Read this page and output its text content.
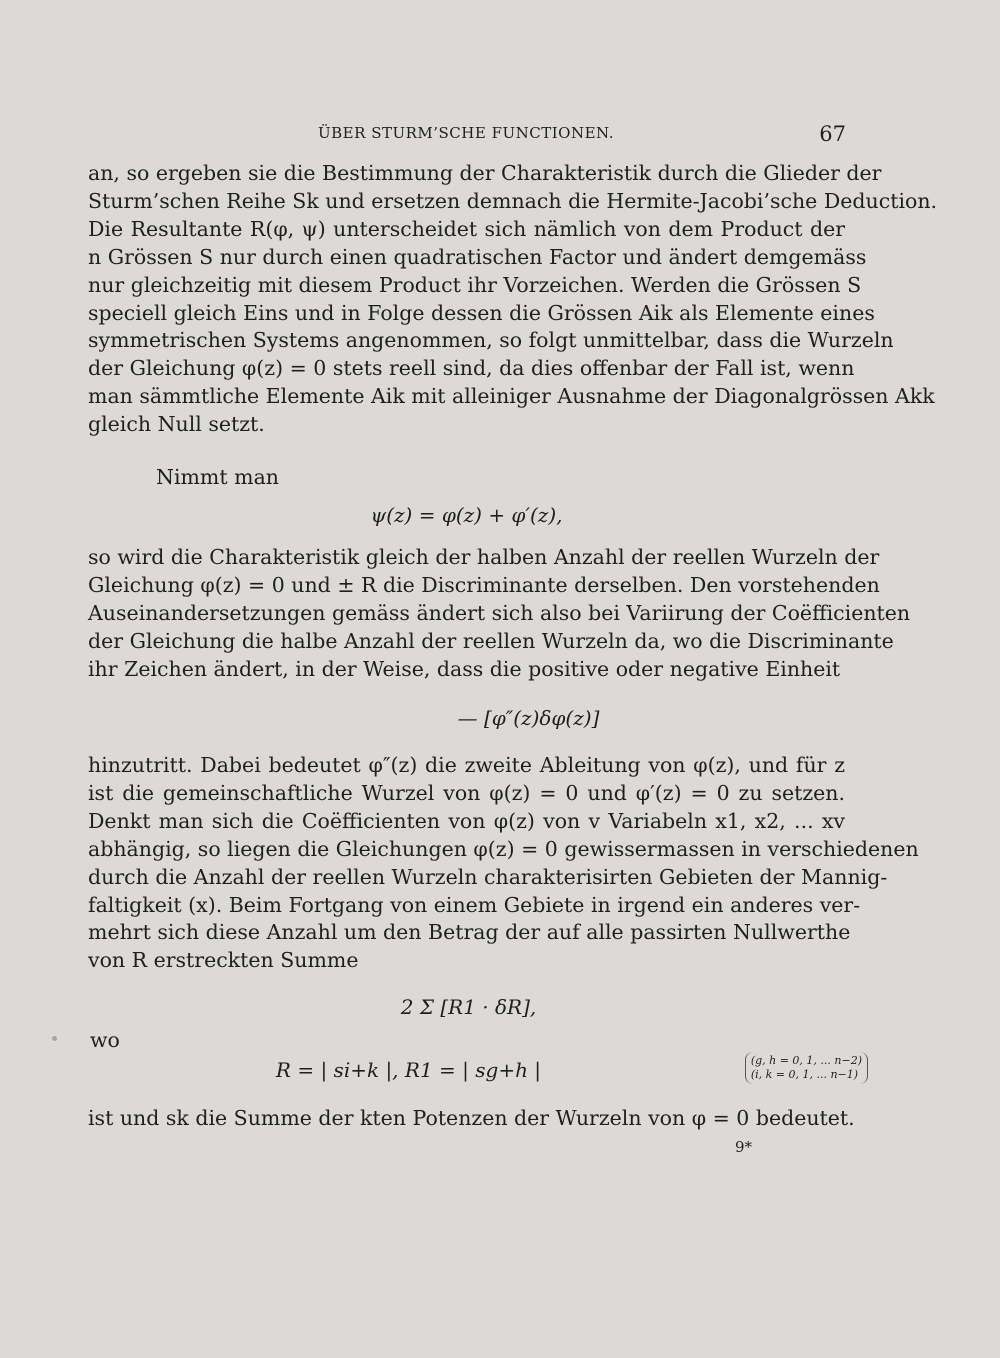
ÜBER STURM’SCHE FUNCTIONEN.	67
an, so ergeben sie die Bestimmung der Charakteristik durch die Glieder der
Sturm’schen Reihe Sk und ersetzen demnach die Hermite-Jacobi’sche Deduction.
Die Resultante R(φ, ψ) unterscheidet sich nämlich von dem Product der
n Grössen S nur durch einen quadratischen Factor und ändert demgemäss
nur gleichzeitig mit diesem Product ihr Vorzeichen. Werden die Grössen S
speciell gleich Eins und in Folge dessen die Grössen Aik als Elemente eines
symmetrischen Systems angenommen, so folgt unmittelbar, dass die Wurzeln
der Gleichung φ(z) = 0 stets reell sind, da dies offenbar der Fall ist, wenn
man sämmtliche Elemente Aik mit alleiniger Ausnahme der Diagonalgrössen Akk
gleich Null setzt.
Nimmt man
ψ(z) = φ(z) + φ′(z),
so wird die Charakteristik gleich der halben Anzahl der reellen Wurzeln der
Gleichung φ(z) = 0 und ± R die Discriminante derselben. Den vorstehenden
Auseinandersetzungen gemäss ändert sich also bei Variirung der Coëfficienten
der Gleichung die halbe Anzahl der reellen Wurzeln da, wo die Discriminante
ihr Zeichen ändert, in der Weise, dass die positive oder negative Einheit
— [φ″(z)δφ(z)]
hinzutritt. Dabei bedeutet φ″(z) die zweite Ableitung von φ(z), und für z
ist die gemeinschaftliche Wurzel von φ(z) = 0 und φ′(z) = 0 zu setzen.
Denkt man sich die Coëfficienten von φ(z) von v Variabeln x1, x2, ... xv
abhängig, so liegen die Gleichungen φ(z) = 0 gewissermassen in verschiedenen
durch die Anzahl der reellen Wurzeln charakterisirten Gebieten der Mannig-
faltigkeit (x). Beim Fortgang von einem Gebiete in irgend ein anderes ver-
mehrt sich diese Anzahl um den Betrag der auf alle passirten Nullwerthe
von R erstreckten Summe
2 Σ [R1 · δR],
wo
R = | si+k |, R1 = | sg+h |	(g, h = 0, 1, ... n−2)
(i, k = 0, 1, ... n−1)
ist und sk die Summe der kten Potenzen der Wurzeln von φ = 0 bedeutet.
9*
